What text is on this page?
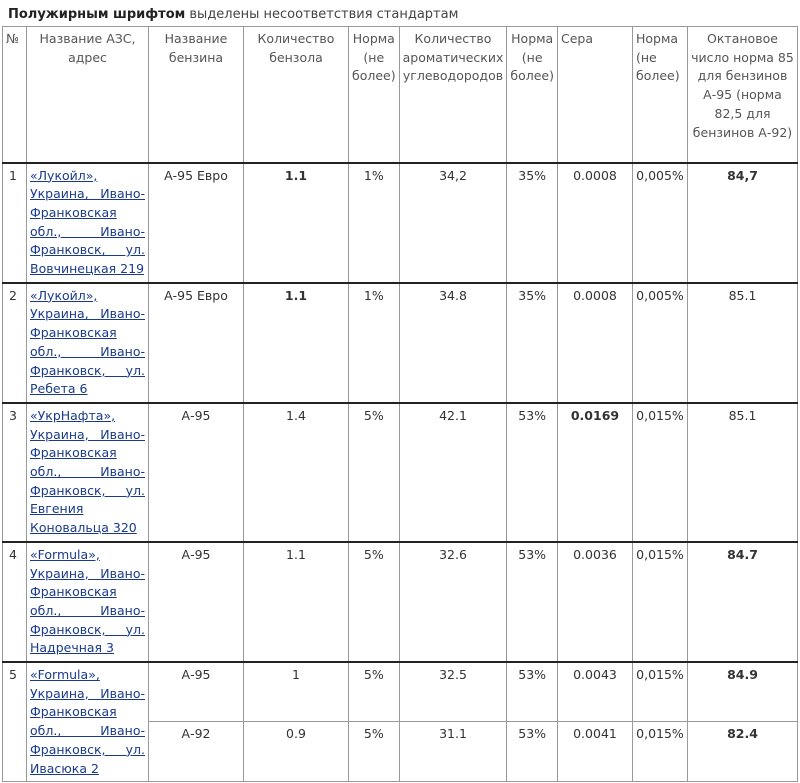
Полужирным шрифтом выделены несоответствия стандартам
№	Название АЗС, адрес	Название бензина	Количество бензола	Норма (не более)	Количество ароматических углеводородов	Норма (не более)	Сера	Норма (не более)	Октановое число норма 85 для бензинов А-95 (норма 82,5 для бензинов А-92)
1	«Лукойл», Украина, Ивано-Франковская обл., Ивано-Франковск, ул. Вовчинецкая 219	А-95 Евро	1.1	1%	34,2	35%	0.0008	0,005%	84,7
2	«Лукойл», Украина, Ивано-Франковская обл., Ивано-Франковск, ул. Ребета 6	А-95 Евро	1.1	1%	34.8	35%	0.0008	0,005%	85.1
3	«УкрНафта», Украина, Ивано-Франковская обл., Ивано-Франковск, ул. Евгения Коновальца 320	А-95	1.4	5%	42.1	53%	0.0169	0,015%	85.1
4	«Formula», Украина, Ивано-Франковская обл., Ивано-Франковск, ул. Надречная 3	А-95	1.1	5%	32.6	53%	0.0036	0,015%	84.7
5	«Formula», Украина, Ивано-Франковская обл., Ивано-Франковск, ул. Ивасюка 2	А-95	1	5%	32.5	53%	0.0043	0,015%	84.9
		А-92	0.9	5%	31.1	53%	0.0041	0,015%	82.4
